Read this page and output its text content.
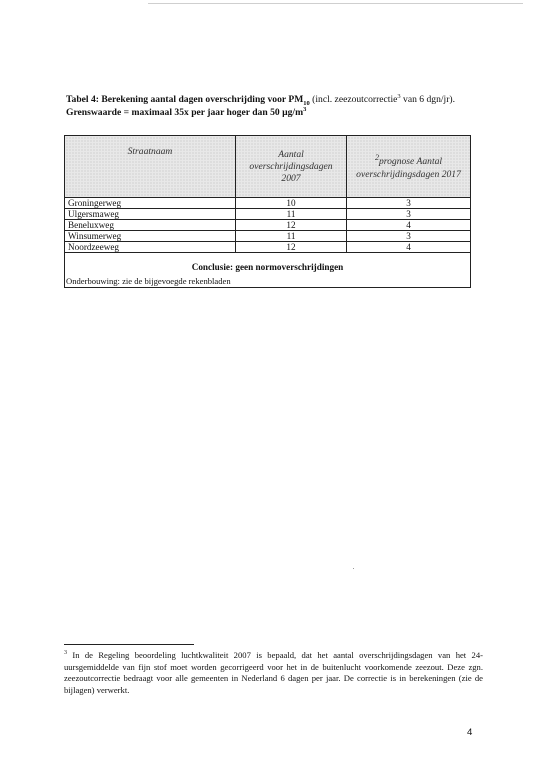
Tabel 4: Berekening aantal dagen overschrijding voor $PM_{10}$ (incl. zeezoutcorrectie$^3$ van 6 dgn/jr).
Grenswaarde = maximaal 35x per jaar hoger dan 50 $\mu g/m^3$
Straatnaam	Aantal overschrijdingsdagen 2007	$^2$prognose Aantal overschrijdingsdagen 2017
Groningerweg	10	3
Ulgersmaweg	11	3
Beneluxweg	12	4
Winsumerweg	11	3
Noordzeeweg	12	4
Conclusie: geen normoverschrijdingen		
Onderbouwing: zie de bijgevoegde rekenbladen
$^3$ In de Regeling beoordeling luchtkwaliteit 2007 is bepaald, dat het aantal overschrijdingsdagen van het 24-uursgemiddelde van fijn stof moet worden gecorrigeerd voor het in de buitenlucht voorkomende zeezout. Deze zgn. zeezoutcorrectie bedraagt voor alle gemeenten in Nederland 6 dagen per jaar. De correctie is in berekeningen (zie de bijlagen) verwerkt.
4
